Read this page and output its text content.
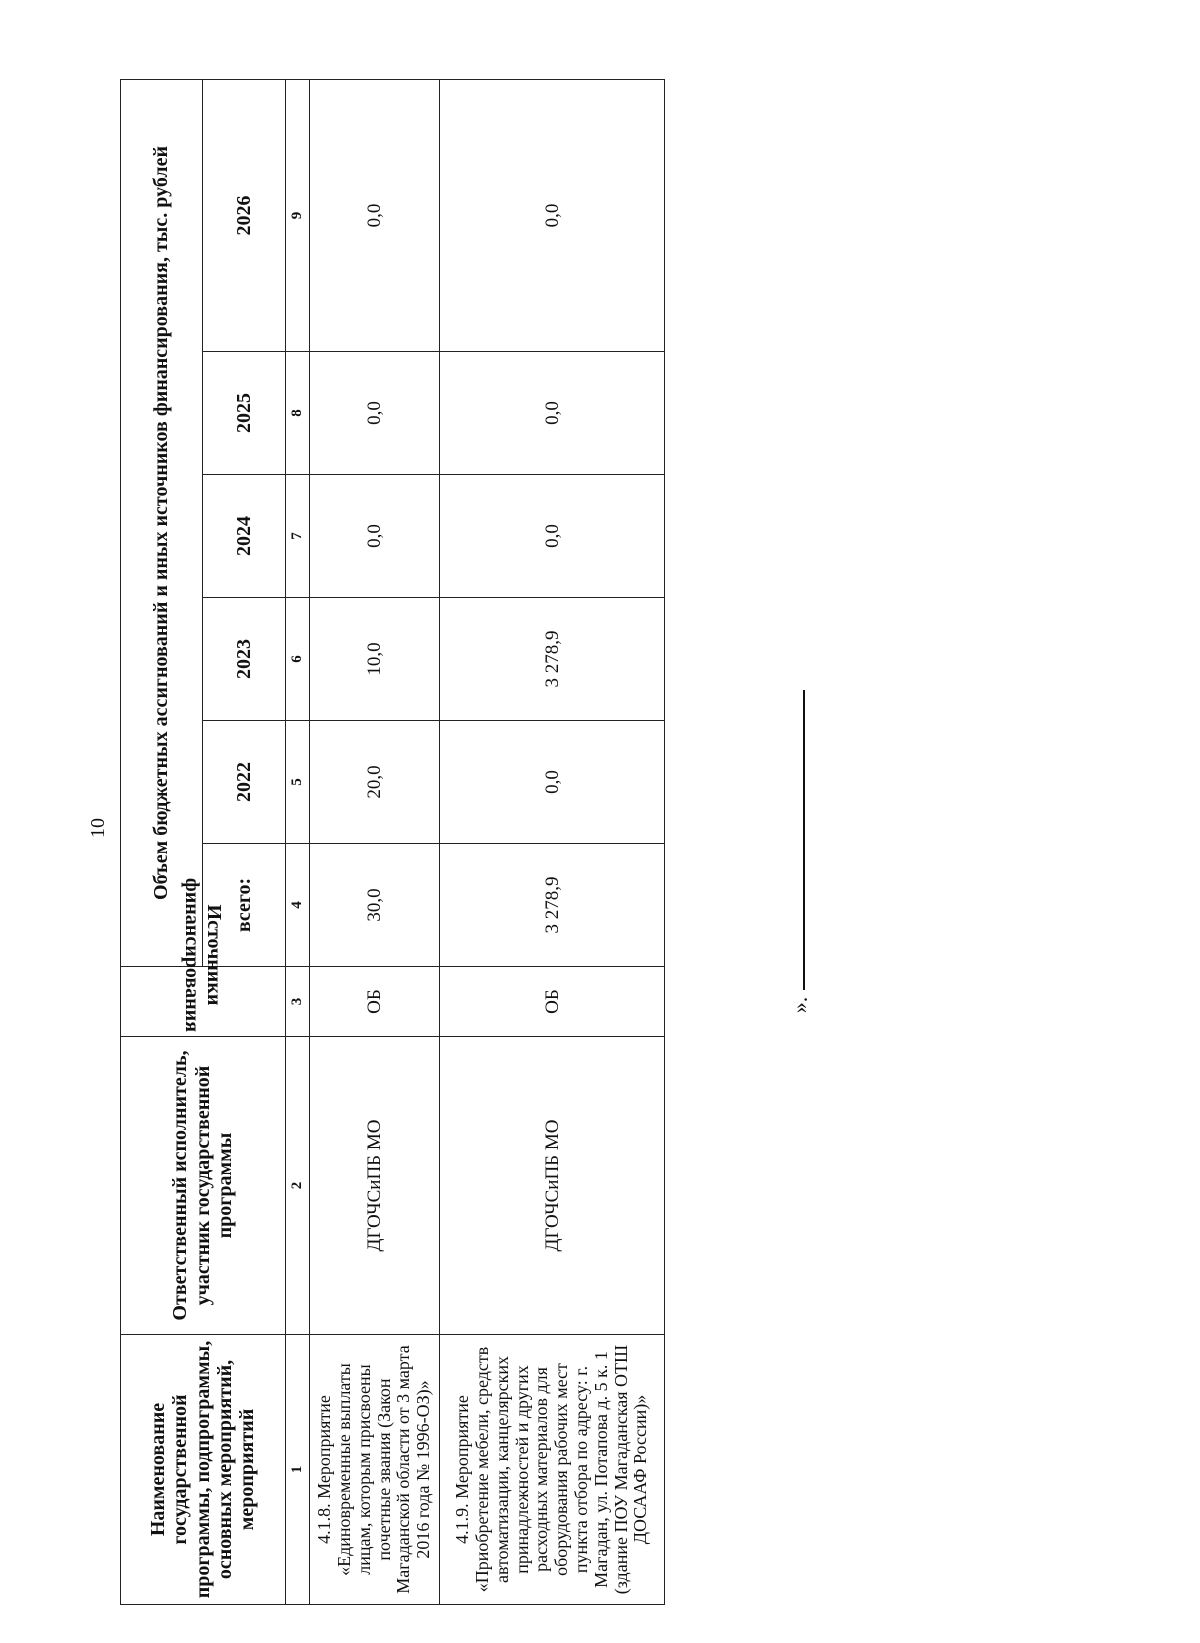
10
Наименование государственной программы, подпрограммы, основных мероприятий, мероприятий	Ответственный исполнитель, участник государственной программы	Источники финансирования	Объем бюджетных ассигнований и иных источников финансирования, тыс. рублей					
			всего:	2022	2023	2024	2025	2026
1	2	3	4	5	6	7	8	9
4.1.8. Мероприятие «Единовременные выплаты лицам, которым присвоены почетные звания (Закон Магаданской области от 3 марта 2016 года № 1996-ОЗ)»	ДГОЧСиПБ МО	ОБ	30,0	20,0	10,0	0,0	0,0	0,0
4.1.9. Мероприятие «Приобретение мебели, средств автоматизации, канцелярских принадлежностей и других расходных материалов для оборудования рабочих мест пункта отбора по адресу: г. Магадан, ул. Потапова д. 5 к. 1 (здание ПОУ Магаданская ОТШ ДОСААФ России)»	ДГОЧСиПБ МО	ОБ	3 278,9	0,0	3 278,9	0,0	0,0	0,0
».
